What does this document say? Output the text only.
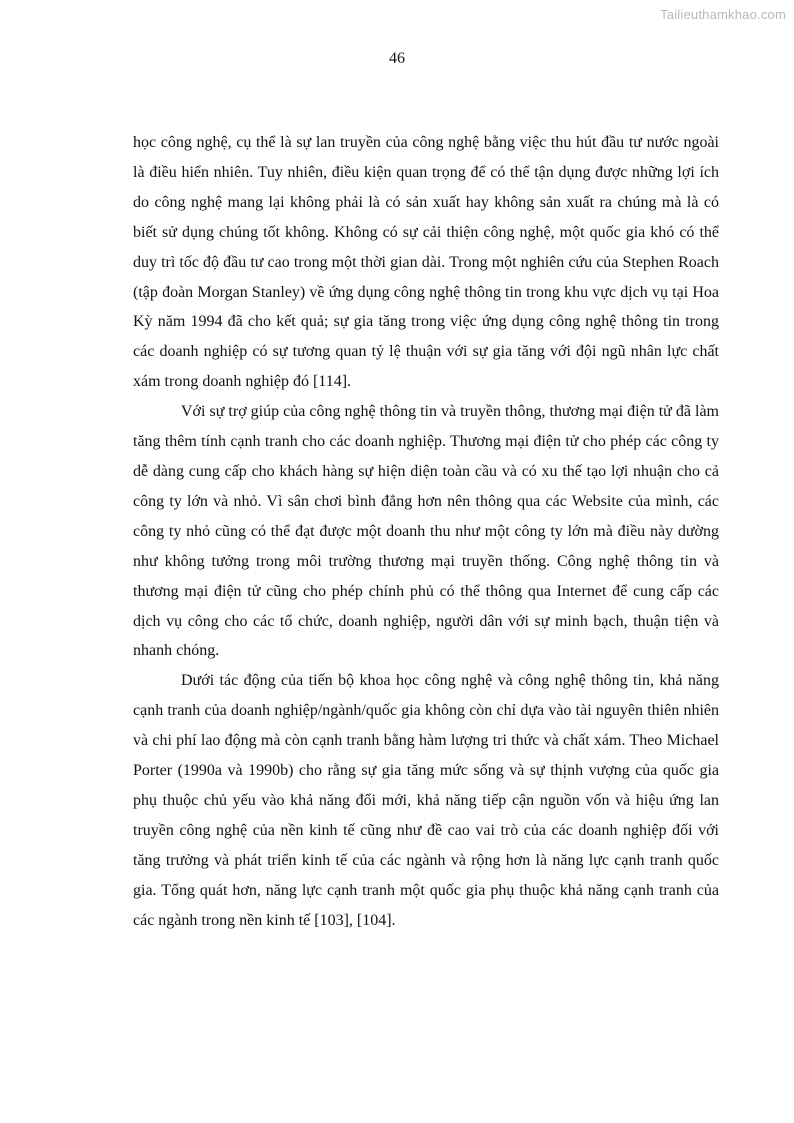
Tailieuthamkhao.com
46

học công nghệ, cụ thể là sự lan truyền của công nghệ bằng việc thu hút đầu tư nước ngoài là điều hiển nhiên. Tuy nhiên, điều kiện quan trọng để có thể tận dụng được những lợi ích do công nghệ mang lại không phải là có sản xuất hay không sản xuất ra chúng mà là có biết sử dụng chúng tốt không. Không có sự cải thiện công nghệ, một quốc gia khó có thể duy trì tốc độ đầu tư cao trong một thời gian dài. Trong một nghiên cứu của Stephen Roach (tập đoàn Morgan Stanley) về ứng dụng công nghệ thông tin trong khu vực dịch vụ tại Hoa Kỳ năm 1994 đã cho kết quả; sự gia tăng trong việc ứng dụng công nghệ thông tin trong các doanh nghiệp có sự tương quan tỷ lệ thuận với sự gia tăng với đội ngũ nhân lực chất xám trong doanh nghiệp đó [114].

Với sự trợ giúp của công nghệ thông tin và truyền thông, thương mại điện tử đã làm tăng thêm tính cạnh tranh cho các doanh nghiệp. Thương mại điện tử cho phép các công ty dễ dàng cung cấp cho khách hàng sự hiện diện toàn cầu và có xu thế tạo lợi nhuận cho cả công ty lớn và nhỏ. Vì sân chơi bình đẳng hơn nên thông qua các Website của mình, các công ty nhỏ cũng có thể đạt được một doanh thu như một công ty lớn mà điều này dường như không tưởng trong môi trường thương mại truyền thống. Công nghệ thông tin và thương mại điện tử cũng cho phép chính phủ có thể thông qua Internet để cung cấp các dịch vụ công cho các tổ chức, doanh nghiệp, người dân với sự minh bạch, thuận tiện và nhanh chóng.

Dưới tác động của tiến bộ khoa học công nghệ và công nghệ thông tin, khả năng cạnh tranh của doanh nghiệp/ngành/quốc gia không còn chỉ dựa vào tài nguyên thiên nhiên và chi phí lao động mà còn cạnh tranh bằng hàm lượng tri thức và chất xám. Theo Michael Porter (1990a và 1990b) cho rằng sự gia tăng mức sống và sự thịnh vượng của quốc gia phụ thuộc chủ yếu vào khả năng đổi mới, khả năng tiếp cận nguồn vốn và hiệu ứng lan truyền công nghệ của nền kinh tế cũng như đề cao vai trò của các doanh nghiệp đối với tăng trưởng và phát triển kinh tế của các ngành và rộng hơn là năng lực cạnh tranh quốc gia. Tổng quát hơn, năng lực cạnh tranh một quốc gia phụ thuộc khả năng cạnh tranh của các ngành trong nền kinh tế [103], [104].
